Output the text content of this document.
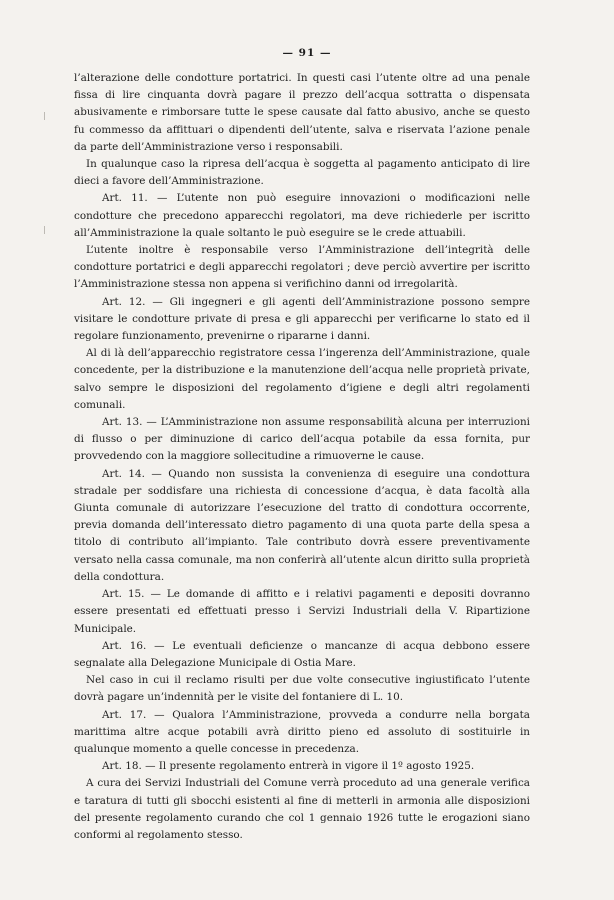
— 91 —

l’alterazione delle condotture portatrici. In questi casi l’utente oltre ad una penale fissa di lire cinquanta dovrà pagare il prezzo dell’acqua sottratta o dispensata abusivamente e rimborsare tutte le spese causate dal fatto abusivo, anche se questo fu commesso da affittuari o dipendenti dell’utente, salva e riservata l’azione penale da parte dell’Amministrazione verso i responsabili.

In qualunque caso la ripresa dell’acqua è soggetta al pagamento anticipato di lire dieci a favore dell’Amministrazione.

Art. 11. — L’utente non può eseguire innovazioni o modificazioni nelle condotture che precedono apparecchi regolatori, ma deve richiederle per iscritto all’Amministrazione la quale soltanto le può eseguire se le crede attuabili.

L’utente inoltre è responsabile verso l’Amministrazione dell’integrità delle condotture portatrici e degli apparecchi regolatori ; deve perciò avvertire per iscritto l’Amministrazione stessa non appena si verifichino danni od irregolarità.

Art. 12. — Gli ingegneri e gli agenti dell’Amministrazione possono sempre visitare le condotture private di presa e gli apparecchi per verificarne lo stato ed il regolare funzionamento, prevenirne o ripararne i danni.

Al di là dell’apparecchio registratore cessa l’ingerenza dell’Amministrazione, quale concedente, per la distribuzione e la manutenzione dell’acqua nelle proprietà private, salvo sempre le disposizioni del regolamento d’igiene e degli altri regolamenti comunali.

Art. 13. — L’Amministrazione non assume responsabilità alcuna per interruzioni di flusso o per diminuzione di carico dell’acqua potabile da essa fornita, pur provvedendo con la maggiore sollecitudine a rimuoverne le cause.

Art. 14. — Quando non sussista la convenienza di eseguire una condottura stradale per soddisfare una richiesta di concessione d’acqua, è data facoltà alla Giunta comunale di autorizzare l’esecuzione del tratto di condottura occorrente, previa domanda dell’interessato dietro pagamento di una quota parte della spesa a titolo di contributo all’impianto. Tale contributo dovrà essere preventivamente versato nella cassa comunale, ma non conferirà all’utente alcun diritto sulla proprietà della condottura.

Art. 15. — Le domande di affitto e i relativi pagamenti e depositi dovranno essere presentati ed effettuati presso i Servizi Industriali della V. Ripartizione Municipale.

Art. 16. — Le eventuali deficienze o mancanze di acqua debbono essere segnalate alla Delegazione Municipale di Ostia Mare.

Nel caso in cui il reclamo risulti per due volte consecutive ingiustificato l’utente dovrà pagare un’indennità per le visite del fontaniere di L. 10.

Art. 17. — Qualora l’Amministrazione, provveda a condurre nella borgata marittima altre acque potabili avrà diritto pieno ed assoluto di sostituirle in qualunque momento a quelle concesse in precedenza.

Art. 18. — Il presente regolamento entrerà in vigore il 1º agosto 1925.

A cura dei Servizi Industriali del Comune verrà proceduto ad una generale verifica e taratura di tutti gli sbocchi esistenti al fine di metterli in armonia alle disposizioni del presente regolamento curando che col 1 gennaio 1926 tutte le erogazioni siano conformi al regolamento stesso.
